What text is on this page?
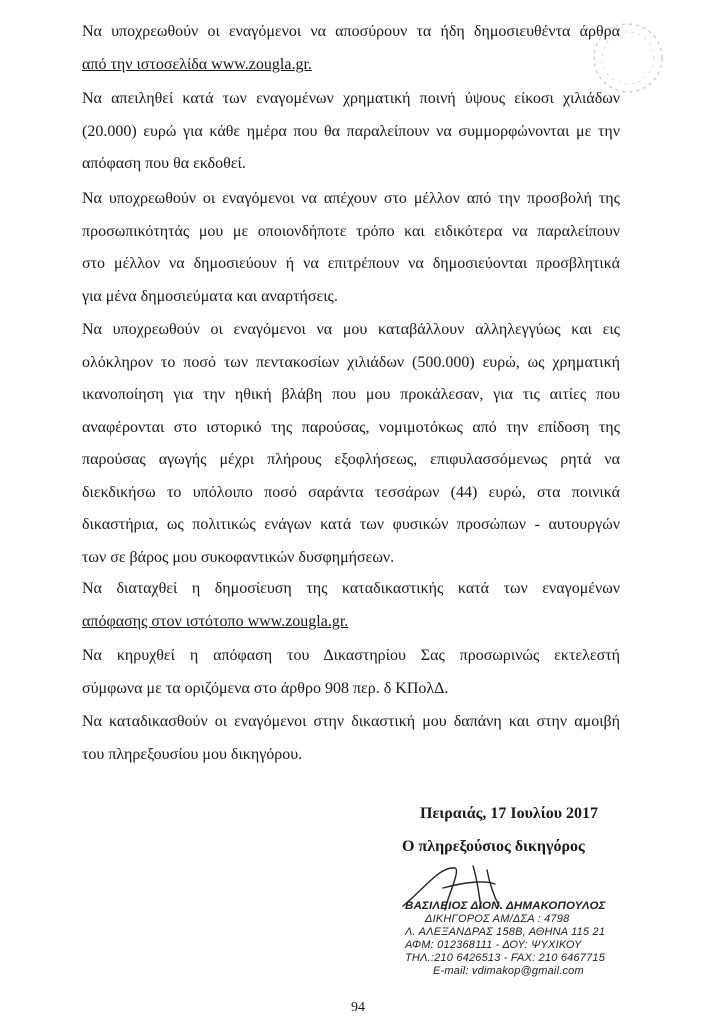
Να υποχρεωθούν οι εναγόμενοι να αποσύρουν τα ήδη δημοσιευθέντα άρθρα
από την ιστοσελίδα www.zougla.gr.

Να απειληθεί κατά των εναγομένων χρηματική ποινή ύψους είκοσι χιλιάδων
(20.000) ευρώ για κάθε ημέρα που θα παραλείπουν να συμμορφώνονται με την
απόφαση που θα εκδοθεί.

Να υποχρεωθούν οι εναγόμενοι να απέχουν στο μέλλον από την προσβολή της
προσωπικότητάς μου με οποιονδήποτε τρόπο και ειδικότερα να παραλείπουν
στο μέλλον να δημοσιεύουν ή να επιτρέπουν να δημοσιεύονται προσβλητικά
για μένα δημοσιεύματα και αναρτήσεις.

Να υποχρεωθούν οι εναγόμενοι να μου καταβάλλουν αλληλεγγύως και εις
ολόκληρον το ποσό των πεντακοσίων χιλιάδων (500.000) ευρώ, ως χρηματική
ικανοποίηση για την ηθική βλάβη που μου προκάλεσαν, για τις αιτίες που
αναφέρονται στο ιστορικό της παρούσας, νομιμοτόκως από την επίδοση της
παρούσας αγωγής μέχρι πλήρους εξοφλήσεως, επιφυλασσόμενως ρητά να
διεκδικήσω το υπόλοιπο ποσό σαράντα τεσσάρων (44) ευρώ, στα ποινικά
δικαστήρια, ως πολιτικώς ενάγων κατά των φυσικών προσώπων - αυτουργών
των σε βάρος μου συκοφαντικών δυσφημήσεων.

Να διαταχθεί η δημοσίευση της καταδικαστικής κατά των εναγομένων
απόφασης στον ιστότοπο www.zougla.gr.

Να κηρυχθεί η απόφαση του Δικαστηρίου Σας προσωρινώς εκτελεστή
σύμφωνα με τα οριζόμενα στο άρθρο 908 περ. δ ΚΠολΔ.

Να καταδικασθούν οι εναγόμενοι στην δικαστική μου δαπάνη και στην αμοιβή
του πληρεξουσίου μου δικηγόρου.

Πειραιάς, 17 Ιουλίου 2017
Ο πληρεξούσιος δικηγόρος
ΒΑΣΙΛΕΙΟΣ ΔΙΟΝ. ΔΗΜΑΚΟΠΟΥΛΟΣ
ΔΙΚΗΓΟΡΟΣ ΑΜ/ΔΣΑ : 4798
Λ. ΑΛΕΞΑΝΔΡΑΣ 158Β, ΑΘΗΝΑ 115 21
ΑΦΜ: 012368111 - ΔΟΥ: ΨΥΧΙΚΟΥ
ΤΗΛ.:210 6426513 - FAX: 210 6467715
E-mail: vdimakop@gmail.com
94
